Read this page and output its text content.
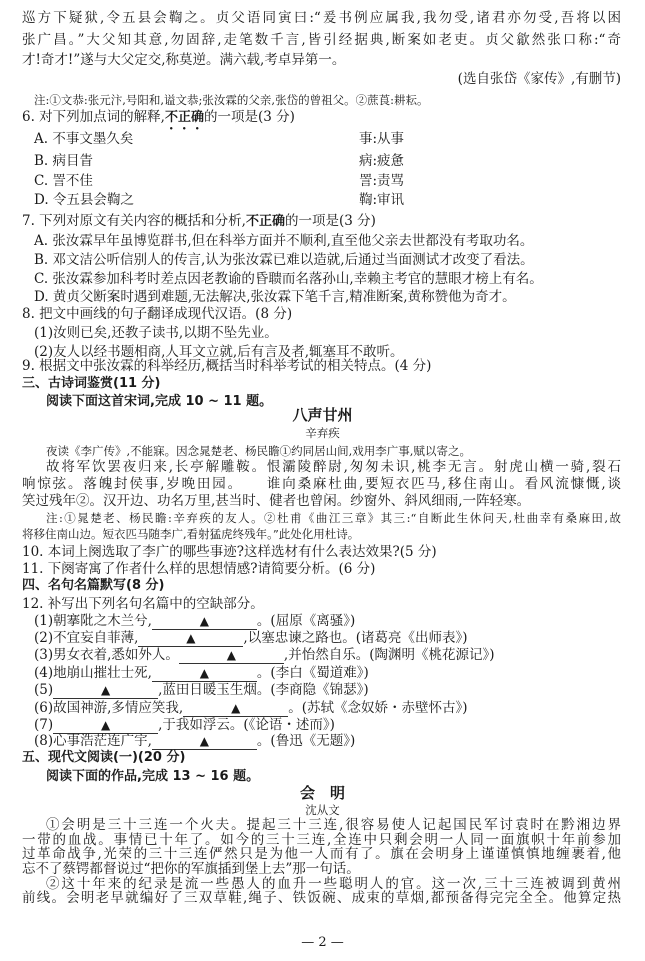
巡方下疑狱,令五县会鞫之。贞父语同寅曰:“爰书例应属我,我勿受,诸君亦勿受,吾将以困
张广昌。”大父知其意,勿固辞,走笔数千言,皆引经据典,断案如老吏。贞父歙然张口称:“奇
才!奇才!”遂与大父定交,称莫逆。满六载,考卓异第一。
(选自张岱《家传》,有删节)
注:①文恭:张元汴,号阳和,谥文恭;张汝霖的父亲,张岱的曾祖父。②蔗莨:耕耘。
6. 对下列加点词的解释,不正确的一项是(3 分)
A. 不事文墨久矣	事:从事
B. 病目眚	病:疲惫
C. 詈不佳	詈:责骂
D. 令五县会鞫之	鞫:审讯
7. 下列对原文有关内容的概括和分析,不正确的一项是(3 分)
A. 张汝霖早年虽博览群书,但在科举方面并不顺利,直至他父亲去世都没有考取功名。
B. 邓文洁公听信别人的传言,认为张汝霖已难以造就,后通过当面测试才改变了看法。
C. 张汝霖参加科考时差点因老教谕的昏聩而名落孙山,幸赖主考官的慧眼才榜上有名。
D. 黄贞父断案时遇到难题,无法解决,张汝霖下笔千言,精准断案,黄称赞他为奇才。
8. 把文中画线的句子翻译成现代汉语。(8 分)
(1)汝则已矣,还教子读书,以期不坠先业。
(2)友人以经书题相商,人耳文立就,后有言及者,辄塞耳不敢听。
9. 根据文中张汝霖的科举经历,概括当时科举考试的相关特点。(4 分)
三、古诗词鉴赏(11 分)
阅读下面这首宋词,完成 10 ~ 11 题。
八声甘州
辛弃疾
夜读《李广传》,不能寐。因念晁楚老、杨民瞻①约同居山间,戏用李广事,赋以寄之。
故将军饮罢夜归来,长亭解雕鞍。恨灞陵醉尉,匆匆未识,桃李无言。射虎山横一骑,裂石
响惊弦。落魄封侯事,岁晚田园。　　谁向桑麻杜曲,要短衣匹马,移住南山。看风流慷慨,谈
笑过残年②。汉开边、功名万里,甚当时、健者也曾闲。纱窗外、斜风细雨,一阵轻寒。
注:①晁楚老、杨民瞻:辛弃疾的友人。②杜甫《曲江三章》其三:“自断此生休问天,杜曲幸有桑麻田,故
将移住南山边。短衣匹马随李广,看射猛虎终残年。”此处化用杜诗。
10. 本词上阕选取了李广的哪些事迹?这样选材有什么表达效果?(5 分)
11. 下阕寄寓了作者什么样的思想情感?请简要分析。(6 分)
四、名句名篇默写(8 分)
12. 补写出下列名句名篇中的空缺部分。
(1)朝搴阰之木兰兮,	▲	。(屈原《离骚》)
(2)不宜妄自菲薄,	▲	,以塞忠谏之路也。(诸葛亮《出师表》)
(3)男女衣着,悉如外人。	▲	,并怡然自乐。(陶渊明《桃花源记》)
(4)地崩山摧壮士死,	▲	。(李白《蜀道难》)
(5)	▲	,蓝田日暖玉生烟。(李商隐《锦瑟》)
(6)故国神游,多情应笑我,	▲	。(苏轼《念奴娇・赤壁怀古》)
(7)	▲	,于我如浮云。(《论语・述而》)
(8)心事浩茫连广宇,	▲	。(鲁迅《无题》)
五、现代文阅读(一)(20 分)
阅读下面的作品,完成 13 ~ 16 题。
会　明
沈从文
①会明是三十三连一个火夫。提起三十三连,很容易使人记起国民军讨袁时在黔湘边界
一带的血战。事情已十年了。如今的三十三连,全连中只剩会明一人同一面旗帜十年前参加
过革命战争,光荣的三十三连俨然只是为他一人而有了。旗在会明身上谨谨慎慎地缠裹着,他
忘不了蔡锷都督说过“把你的军旗插到堡上去”那一句话。
②这十年来的纪录是流一些愚人的血升一些聪明人的官。这一次,三十三连被调到黄州
前线。会明老早就编好了三双草鞋,绳子、铁饭碗、成束的草烟,都预备得完完全全。他算定热
— 2 —
